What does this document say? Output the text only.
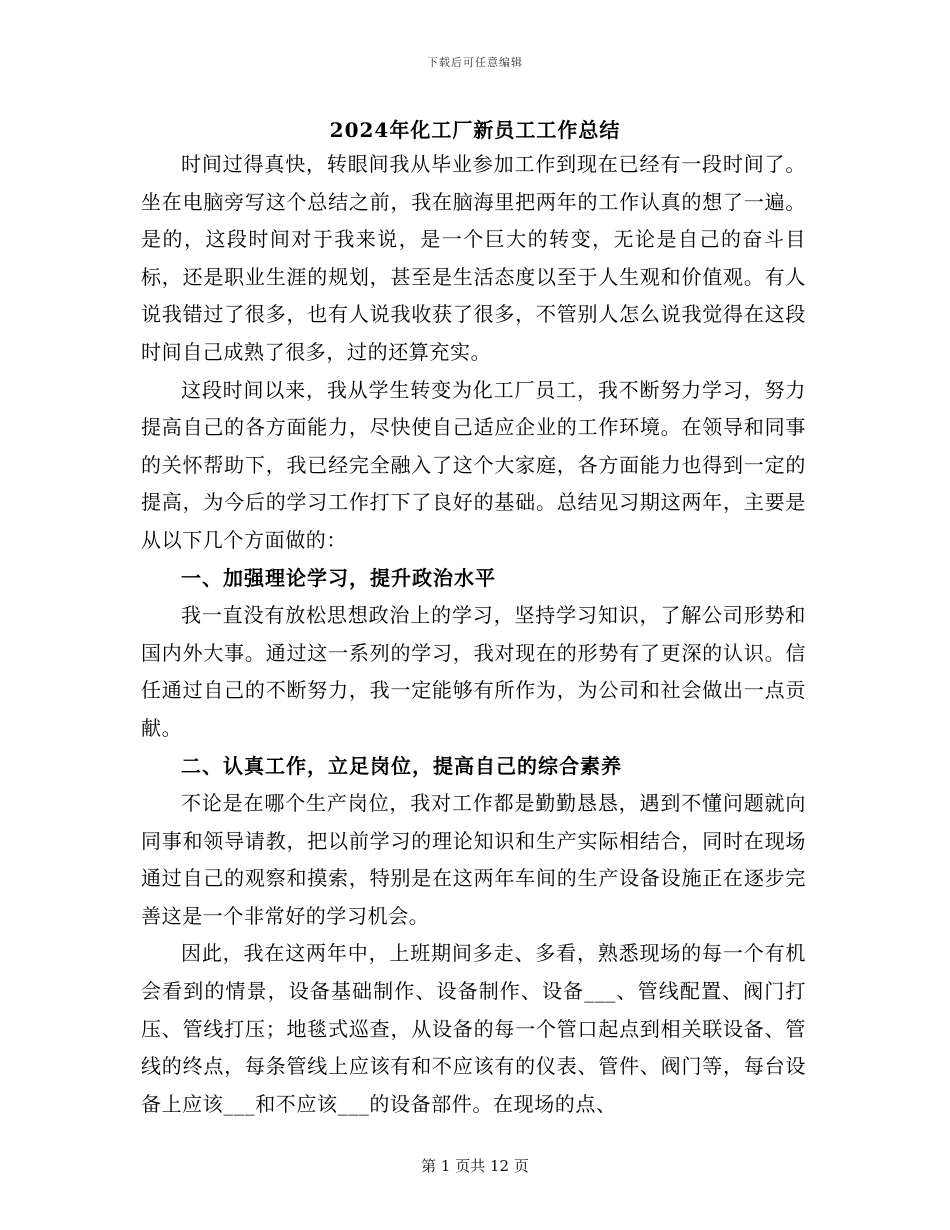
下载后可任意编辑
2024年化工厂新员工工作总结

时间过得真快，转眼间我从毕业参加工作到现在已经有一段时间了。坐在电脑旁写这个总结之前，我在脑海里把两年的工作认真的想了一遍。是的，这段时间对于我来说，是一个巨大的转变，无论是自己的奋斗目标，还是职业生涯的规划，甚至是生活态度以至于人生观和价值观。有人说我错过了很多，也有人说我收获了很多，不管别人怎么说我觉得在这段时间自己成熟了很多，过的还算充实。

这段时间以来，我从学生转变为化工厂员工，我不断努力学习，努力提高自己的各方面能力，尽快使自己适应企业的工作环境。在领导和同事的关怀帮助下，我已经完全融入了这个大家庭，各方面能力也得到一定的提高，为今后的学习工作打下了良好的基础。总结见习期这两年，主要是从以下几个方面做的：

一、加强理论学习，提升政治水平

我一直没有放松思想政治上的学习，坚持学习知识，了解公司形势和国内外大事。通过这一系列的学习，我对现在的形势有了更深的认识。信任通过自己的不断努力，我一定能够有所作为，为公司和社会做出一点贡献。

二、认真工作，立足岗位，提高自己的综合素养

不论是在哪个生产岗位，我对工作都是勤勤恳恳，遇到不懂问题就向同事和领导请教，把以前学习的理论知识和生产实际相结合，同时在现场通过自己的观察和摸索，特别是在这两年车间的生产设备设施正在逐步完善这是一个非常好的学习机会。

因此，我在这两年中，上班期间多走、多看，熟悉现场的每一个有机会看到的情景，设备基础制作、设备制作、设备___、管线配置、阀门打压、管线打压；地毯式巡查，从设备的每一个管口起点到相关联设备、管线的终点，每条管线上应该有和不应该有的仪表、管件、阀门等，每台设备上应该___和不应该___的设备部件。在现场的点、

第 1 页共 12 页
